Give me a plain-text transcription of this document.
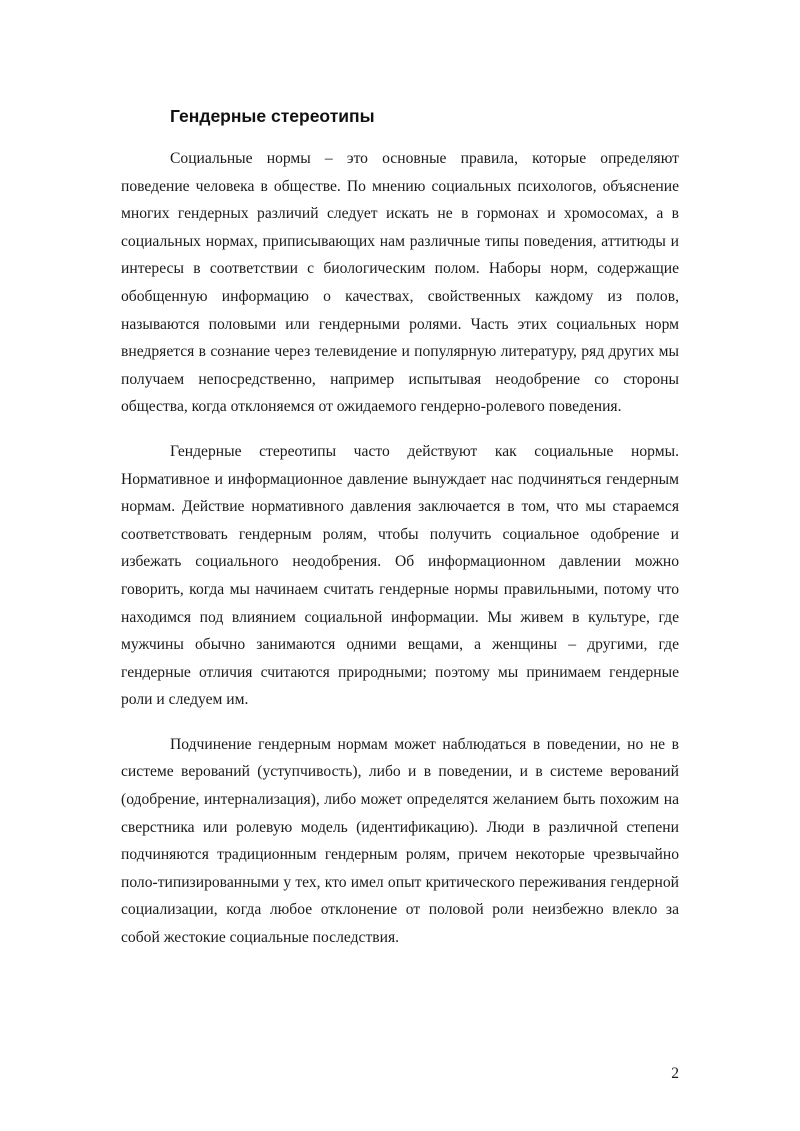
Гендерные стереотипы

Социальные нормы – это основные правила, которые определяют поведение человека в обществе. По мнению социальных психологов, объяснение многих гендерных различий следует искать не в гормонах и хромосомах, а в социальных нормах, приписывающих нам различные типы поведения, аттитюды и интересы в соответствии с биологическим полом. Наборы норм, содержащие обобщенную информацию о качествах, свойственных каждому из полов, называются половыми или гендерными ролями. Часть этих социальных норм внедряется в сознание через телевидение и популярную литературу, ряд других мы получаем непосредственно, например испытывая неодобрение со стороны общества, когда отклоняемся от ожидаемого гендерно-ролевого поведения.

Гендерные стереотипы часто действуют как социальные нормы. Нормативное и информационное давление вынуждает нас подчиняться гендерным нормам. Действие нормативного давления заключается в том, что мы стараемся соответствовать гендерным ролям, чтобы получить социальное одобрение и избежать социального неодобрения. Об информационном давлении можно говорить, когда мы начинаем считать гендерные нормы правильными, потому что находимся под влиянием социальной информации. Мы живем в культуре, где мужчины обычно занимаются одними вещами, а женщины – другими, где гендерные отличия считаются природными; поэтому мы принимаем гендерные роли и следуем им.

Подчинение гендерным нормам может наблюдаться в поведении, но не в системе верований (уступчивость), либо и в поведении, и в системе верований (одобрение, интернализация), либо может определятся желанием быть похожим на сверстника или ролевую модель (идентификацию). Люди в различной степени подчиняются традиционным гендерным ролям, причем некоторые чрезвычайно поло-типизированными у тех, кто имел опыт критического переживания гендерной социализации, когда любое отклонение от половой роли неизбежно влекло за собой жестокие социальные последствия.

2
